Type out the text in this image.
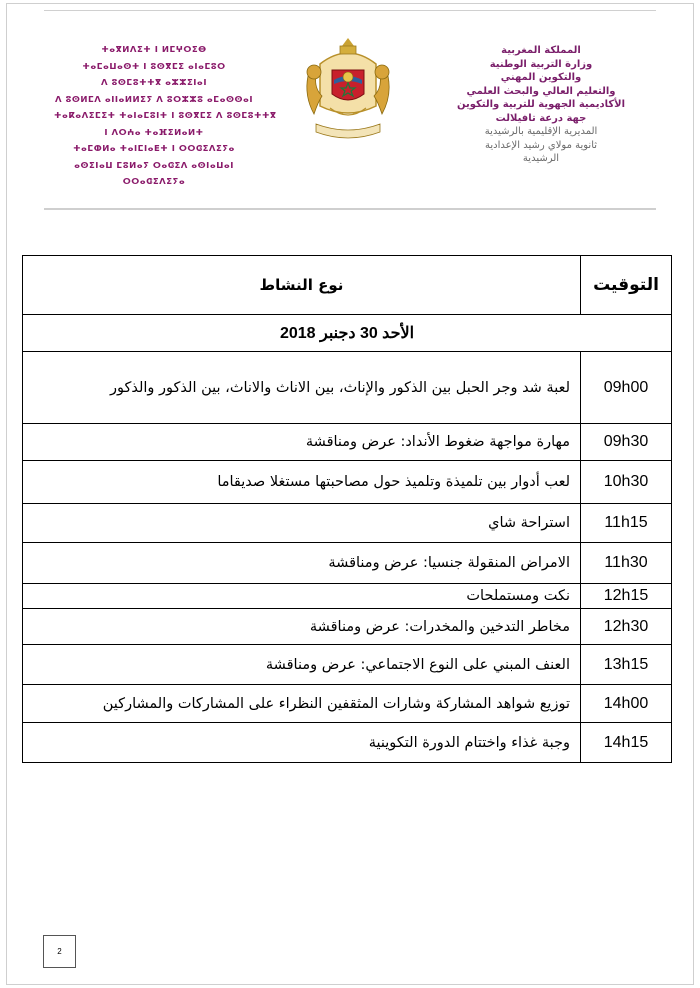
ⵜⴰⴳⵍⴷⵉⵜ ⵏ ⵍⵎⵖⵔⵉⴱ
ⵜⴰⵎⴰⵡⴰⵙⵜ ⵏ ⵓⵙⴳⵎⵉ ⴰⵏⴰⵎⵓⵔ
ⴷ ⵓⵙⵎⵓⵜⵜⴳ ⴰⵣⵣⵉⵏⴰⵏ
ⴷ ⵓⵙⵍⵎⴷ ⴰⵏⵏⴰⵍⵍⵉⵢ ⴷ ⵓⵔⵣⵣⵓ ⴰⵎⴰⵙⵙⴰⵏ
ⵜⴰⴽⴰⴷⵉⵎⵉⵜ ⵜⴰⵏⴰⵎⵓⵏⵜ ⵏ ⵓⵙⴳⵎⵉ ⴷ ⵓⵙⵎⵓⵜⵜⴳ
ⵏ ⴷⵔⵄⴰ ⵜⴰⴼⵉⵍⴰⵍⵜ
ⵜⴰⵎⵀⵍⴰ ⵜⴰⵏⵎⵏⴰⴹⵜ ⵏ ⵔⵔⵛⵉⴷⵉⵢⴰ
ⴰⵙⵉⵏⴰⵡ ⵎⵓⵍⴰⵢ ⵔⴰⵛⵉⴷ ⴰⵙⵏⴰⵡⴰⵏ
ⵔⵔⴰⵛⵉⴷⵉⵢⴰ
المملكة المغربية
وزارة التربية الوطنية
والتكوين المهني
والتعليم العالي والبحث العلمي
الأكاديمية الجهوية للتربية والتكوين
جهة درعة تافيلالت
المديرية الإقليمية بالرشيدية
ثانوية مولاي رشيد الإعدادية
الرشيدية
التوقيت	نوع النشاط
الأحد 30 دجنبر 2018	
09h00	لعبة شد وجر الحبل بين الذكور والإناث، بين الاناث والاناث، بين الذكور والذكور
09h30	مهارة مواجهة ضغوط الأنداد: عرض ومناقشة
10h30	لعب أدوار بين تلميذة وتلميذ حول مصاحبتها مستغلا صديقاما
11h15	استراحة شاي
11h30	الامراض المنقولة جنسيا: عرض ومناقشة
12h15	نكت ومستملحات
12h30	مخاطر التدخين والمخدرات: عرض ومناقشة
13h15	العنف المبني على النوع الاجتماعي: عرض ومناقشة
14h00	توزيع شواهد المشاركة وشارات المثقفين النظراء على المشاركات والمشاركين
14h15	وجبة غذاء واختتام الدورة التكوينية
2
